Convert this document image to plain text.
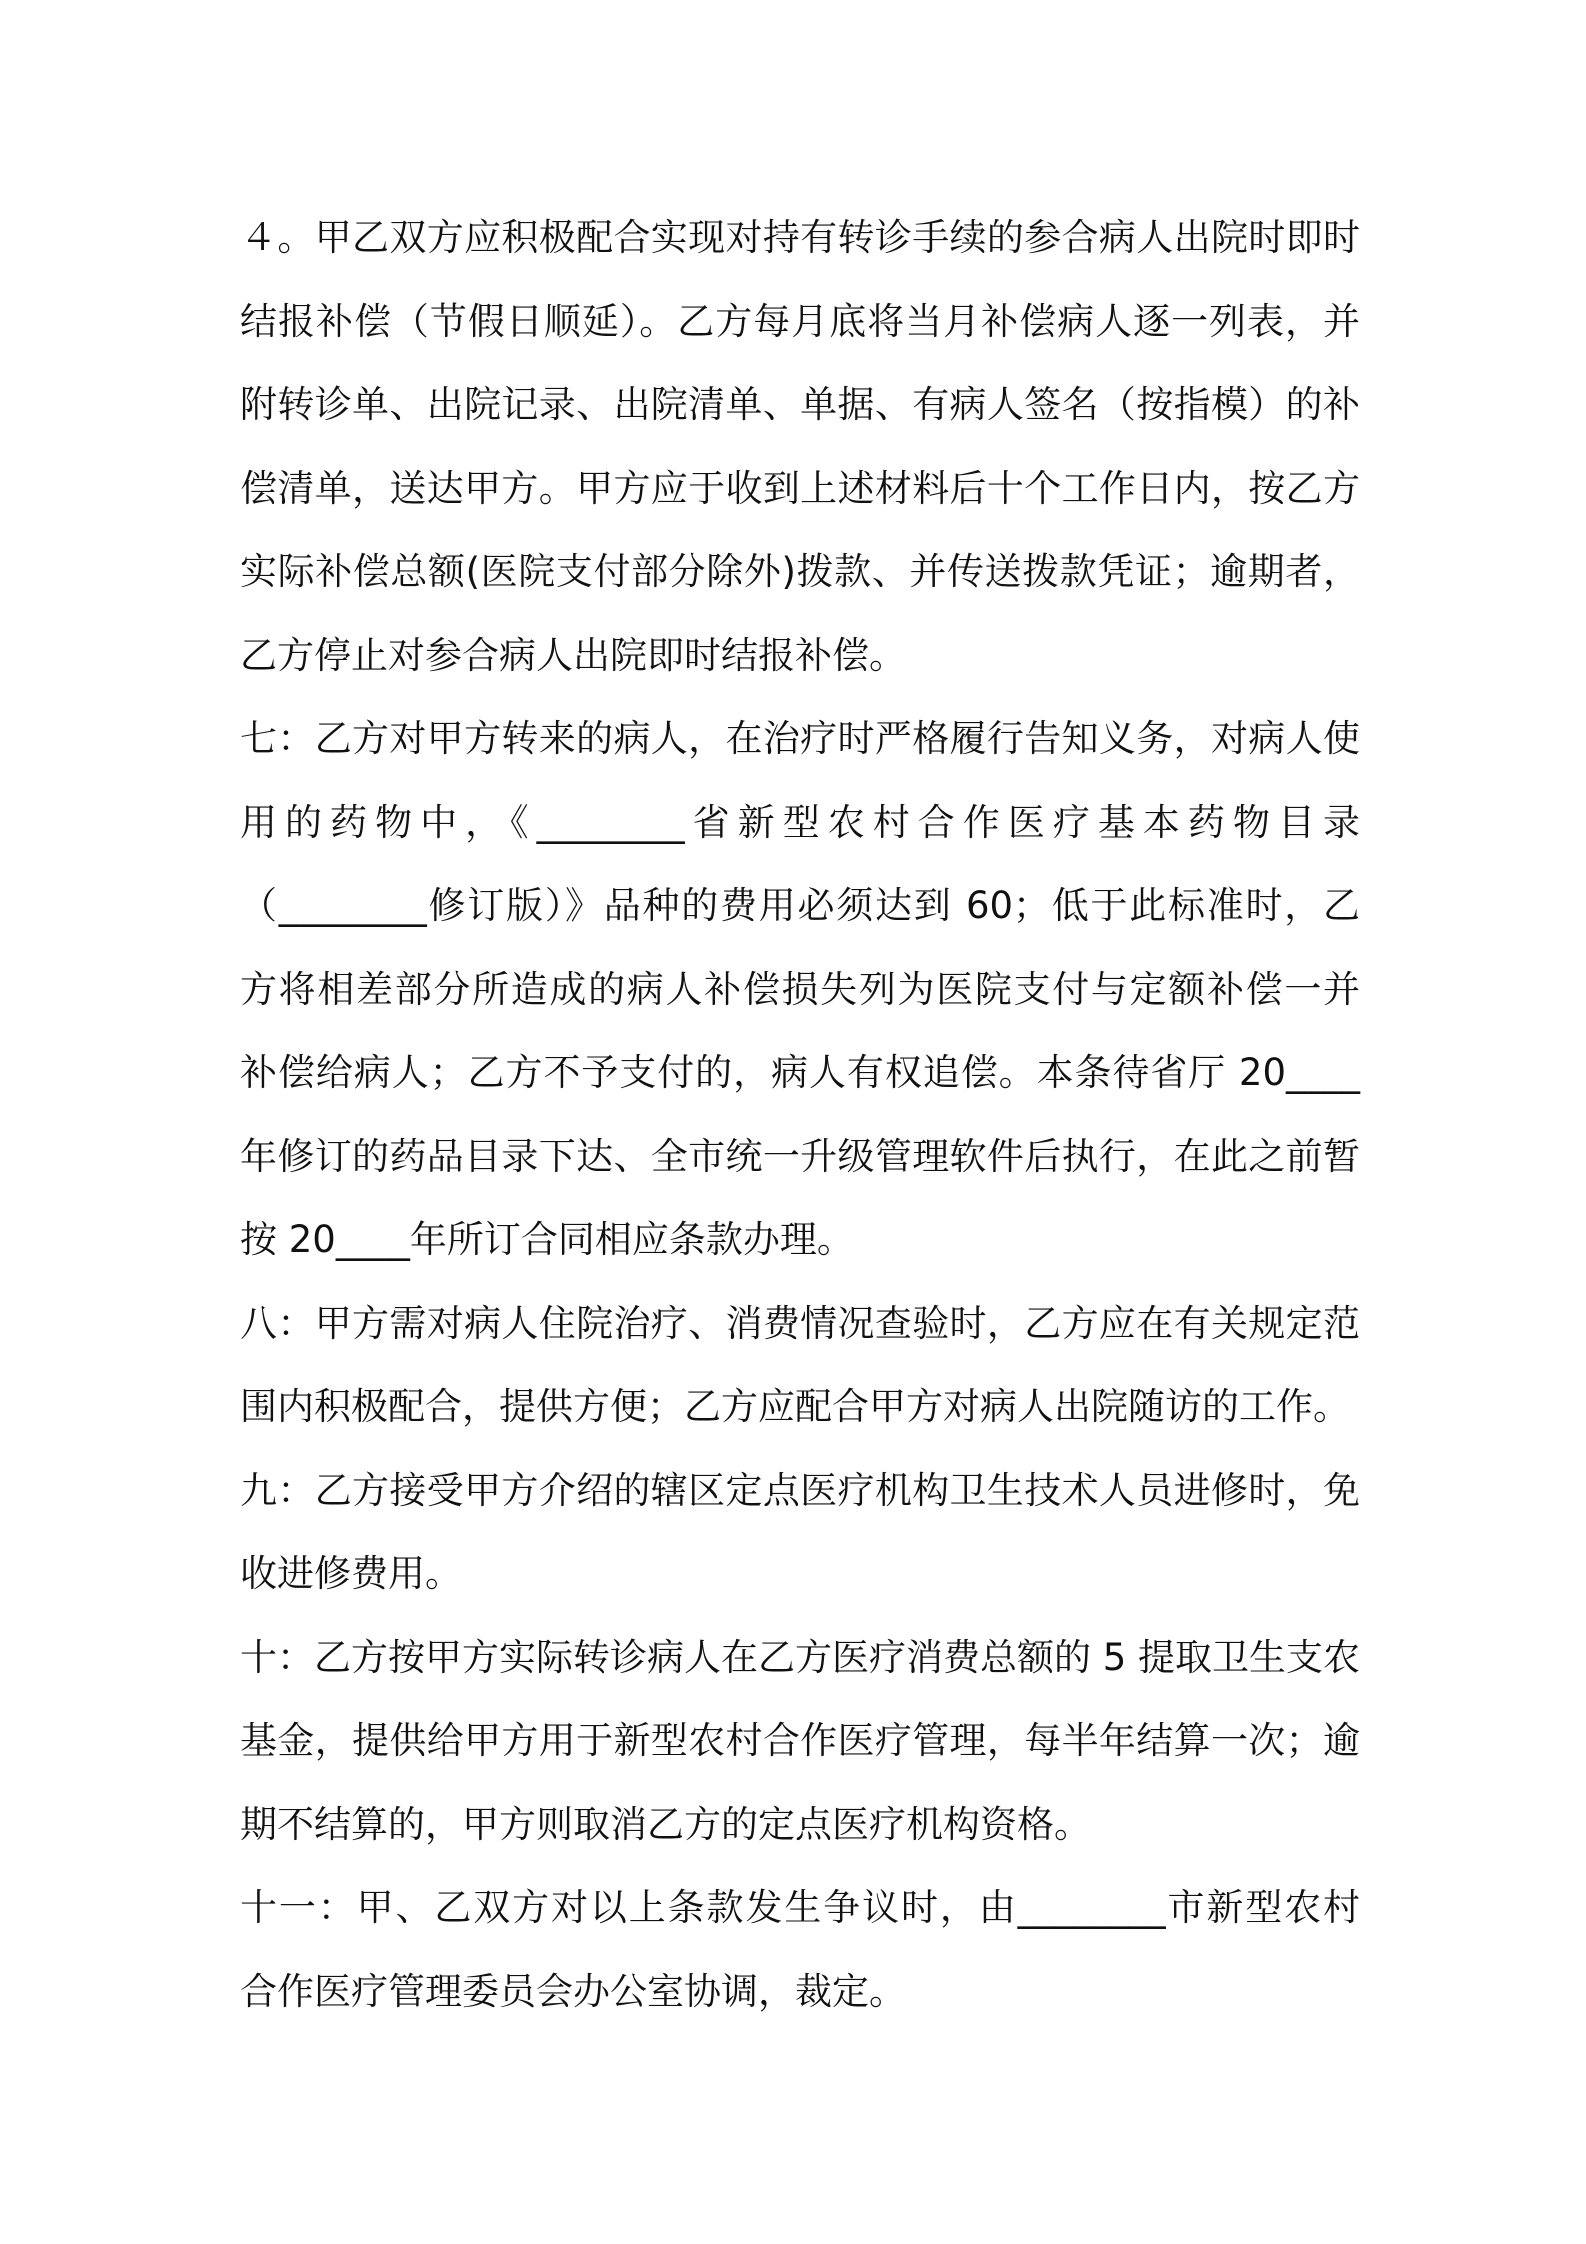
４。甲乙双方应积极配合实现对持有转诊手续的参合病人出院时即时
结报补偿（节假日顺延）。乙方每月底将当月补偿病人逐一列表，并
附转诊单、出院记录、出院清单、单据、有病人签名（按指模）的补
偿清单，送达甲方。甲方应于收到上述材料后十个工作日内，按乙方
实际补偿总额(医院支付部分除外)拨款、并传送拨款凭证；逾期者，
乙方停止对参合病人出院即时结报补偿。
七：乙方对甲方转来的病人，在治疗时严格履行告知义务，对病人使
用的药物中，《________省新型农村合作医疗基本药物目录
（________修订版）》品种的费用必须达到 60；低于此标准时，乙
方将相差部分所造成的病人补偿损失列为医院支付与定额补偿一并
补偿给病人；乙方不予支付的，病人有权追偿。本条待省厅 20____
年修订的药品目录下达、全市统一升级管理软件后执行，在此之前暂
按 20____年所订合同相应条款办理。
八：甲方需对病人住院治疗、消费情况查验时，乙方应在有关规定范
围内积极配合，提供方便；乙方应配合甲方对病人出院随访的工作。
九：乙方接受甲方介绍的辖区定点医疗机构卫生技术人员进修时，免
收进修费用。
十：乙方按甲方实际转诊病人在乙方医疗消费总额的 5 提取卫生支农
基金，提供给甲方用于新型农村合作医疗管理，每半年结算一次；逾
期不结算的，甲方则取消乙方的定点医疗机构资格。
十一：甲、乙双方对以上条款发生争议时，由________市新型农村
合作医疗管理委员会办公室协调，裁定。
